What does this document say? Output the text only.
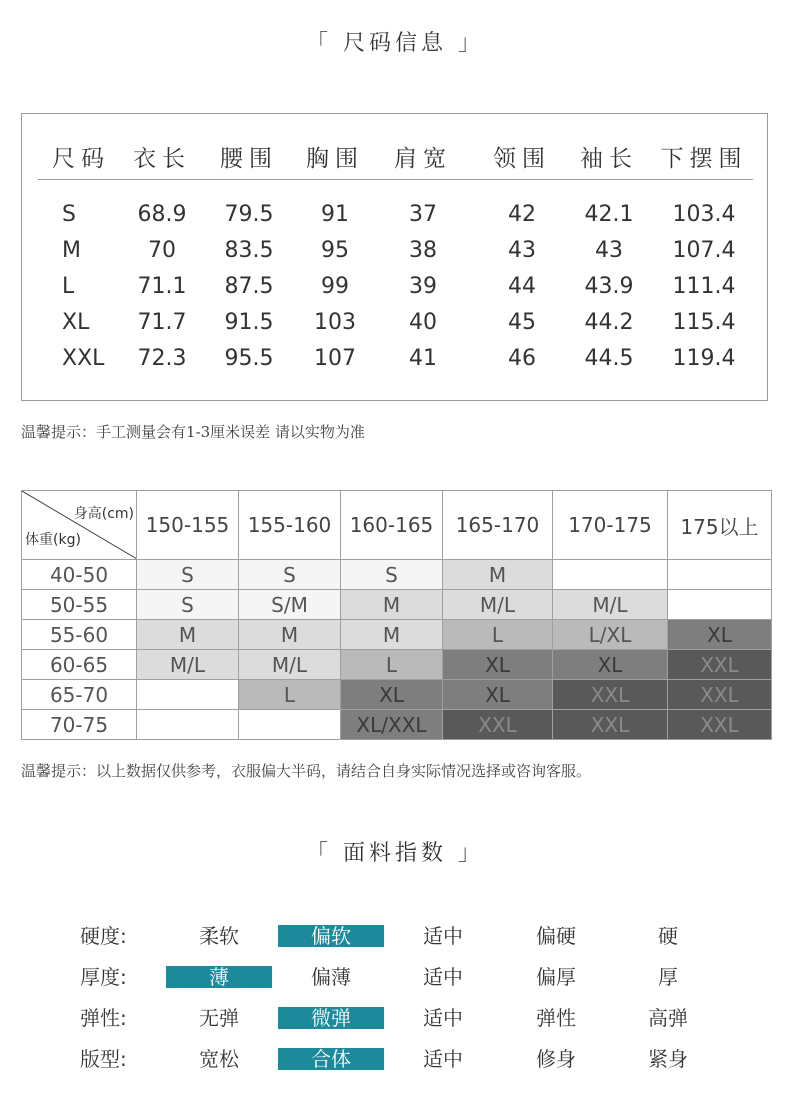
「 尺码信息 」
尺码 衣长 腰围 胸围 肩宽 领围 袖长 下摆围
S	68.9 79.5 91	37	42 42.1 103.4
M	70 83.5 95	38	43	43 107.4
L	71.1 87.5 99	39	44 43.9 111.4
XL 71.7 91.5 103 40	45 44.2 115.4
XXL 72.3 95.5 107 41	46 44.5 119.4
温馨提示：手工测量会有1-3厘米误差 请以实物为准
身高(cm)
体重(kg)	150-155	155-160	160-165	165-170	170-175	175以上
40-50	S	S	S	M		
50-55	S	S/M	M	M/L	M/L	
55-60	M	M	M	L	L/XL	XL
60-65	M/L	M/L	L	XL	XL	XXL
65-70		L	XL	XL	XXL	XXL
70-75			XL/XXL	XXL	XXL	XXL
温馨提示：以上数据仅供参考，衣服偏大半码，请结合自身实际情况选择或咨询客服。
「 面料指数 」
硬度:	柔软	偏软	适中	偏硬	硬
厚度:	薄	偏薄	适中	偏厚	厚
弹性:	无弹	微弹	适中	弹性	高弹
版型:	宽松	合体	适中	修身	紧身
